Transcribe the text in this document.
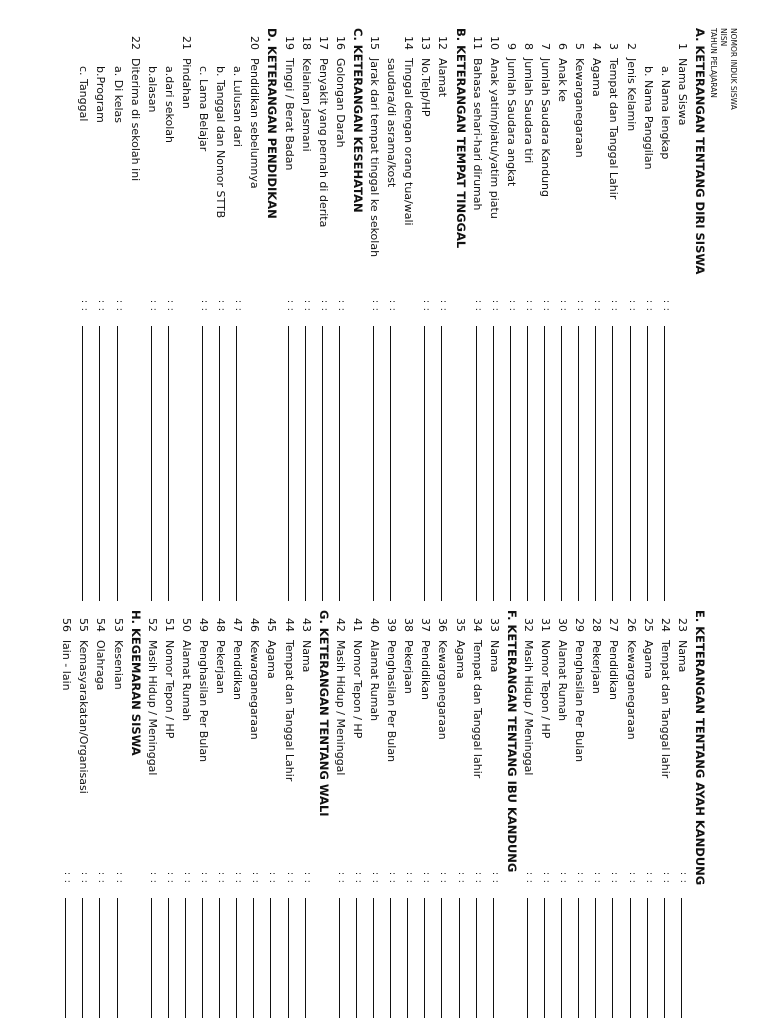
NOMOR INDUK SISWA
NISN
TAHUN PELAJARAN
A. KETERANGAN TENTANG DIRI SISWA
1
Nama Siswa
a. Nama lengkap
: :
b. Nama Panggilan
: :
2
Jenis Kelamin
: :
3
Tempat dan Tanggal Lahir
: :
4
Agama
: :
5
Kewarganegaraan
: :
6
Anak ke
: :
7
Jumlah Saudara Kandung
: :
8
Jumlah Saudara tiri
: :
9
Jumlah Saudara angkat
: :
10
Anak yatim/piatu/yatim piatu
: :
11
Bahasa sehari-hari dirumah
: :
B. KETERANGAN TEMPAT TINGGAL
12
Alamat
: :
13
No.Telp/HP
: :
14
Tinggal dengan orang tua/wali
saudara/di asrama/kost
: :
15
Jarak dari tempat tinggal ke sekolah
: :
C. KETERANGAN KESEHATAN
16
Golongan Darah
: :
17
Penyakit yang pernah di derita
: :
18
Kelainan Jasmani
: :
19
Tinggi / Berat Badan
: :
D. KETERANGAN PENDIDIKAN
20
Pendidikan sebelumnya
a. Lulusan dari
: :
b. Tanggal dan Nomor STTB
: :
c. Lama Belajar
: :
21
Pindahan
a.dari sekolah
: :
b.alasan
: :
22
Diterima di sekolah ini
a. Di kelas
: :
b.Program
: :
c. Tanggal
: :
E. KETERANGAN TENTANG AYAH KANDUNG
23
Nama
: :
24
Tempat dan Tanggal lahir
: :
25
Agama
: :
26
Kewarganegaraan
: :
27
Pendidikan
: :
28
Pekerjaan
: :
29
Penghasilan Per Bulan
: :
30
Alamat Rumah
: :
31
Nomor Tepon / HP
: :
32
Masih Hidup / Meninggal
: :
F. KETERANGAN TENTANG IBU KANDUNG
33
Nama
: :
34
Tempat dan Tanggal lahir
: :
35
Agama
: :
36
Kewarganegaraan
: :
37
Pendidikan
: :
38
Pekerjaan
: :
39
Penghasilan Per Bulan
: :
40
Alamat Rumah
: :
41
Nomor Tepon / HP
: :
42
Masih Hidup / Meninggal
: :
G. KETERANGAN TENTANG WALI
43
Nama
: :
44
Tempat dan Tanggal Lahir
: :
45
Agama
: :
46
Kewarganegaraan
: :
47
Pendidikan
: :
48
Pekerjaan
: :
49
Penghasilan Per Bulan
: :
50
Alamat Rumah
: :
51
Nomor Tepon / HP
: :
52
Masih Hidup / Meninggal
: :
H. KEGEMARAN SISWA
53
Kesenian
: :
54
Olahraga
: :
55
Kemasyarakatan/Organisasi
: :
56
lain - lain
: :
